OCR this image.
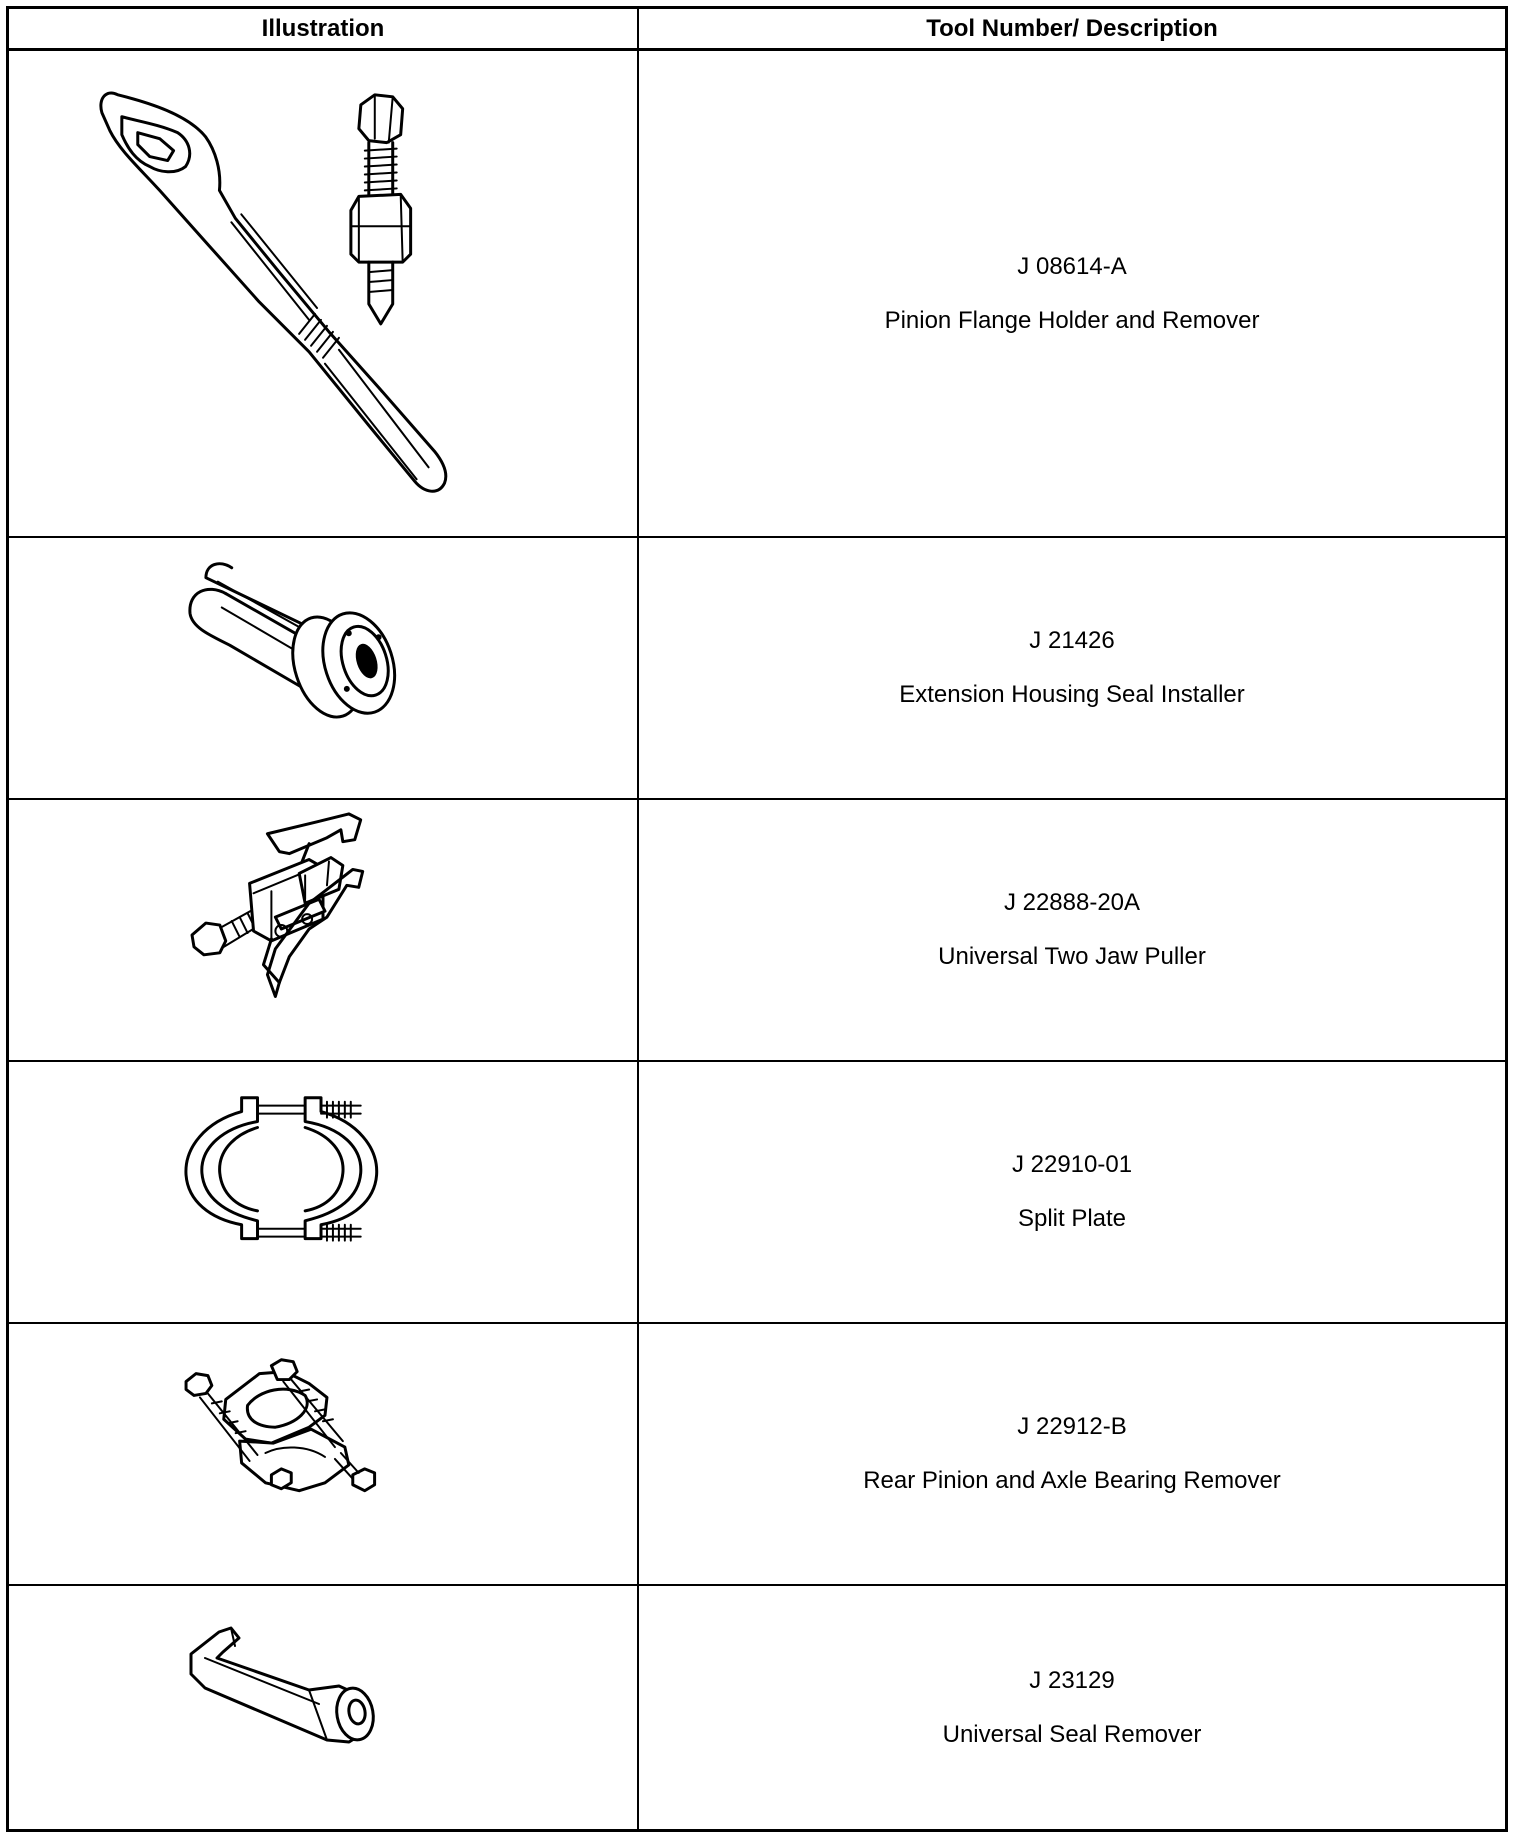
Illustration	Tool Number/ Description
J 08614-A
Pinion Flange Holder and Remover
J 21426
Extension Housing Seal Installer
J 22888-20A
Universal Two Jaw Puller
J 22910-01
Split Plate
J 22912-B
Rear Pinion and Axle Bearing Remover
J 23129
Universal Seal Remover
